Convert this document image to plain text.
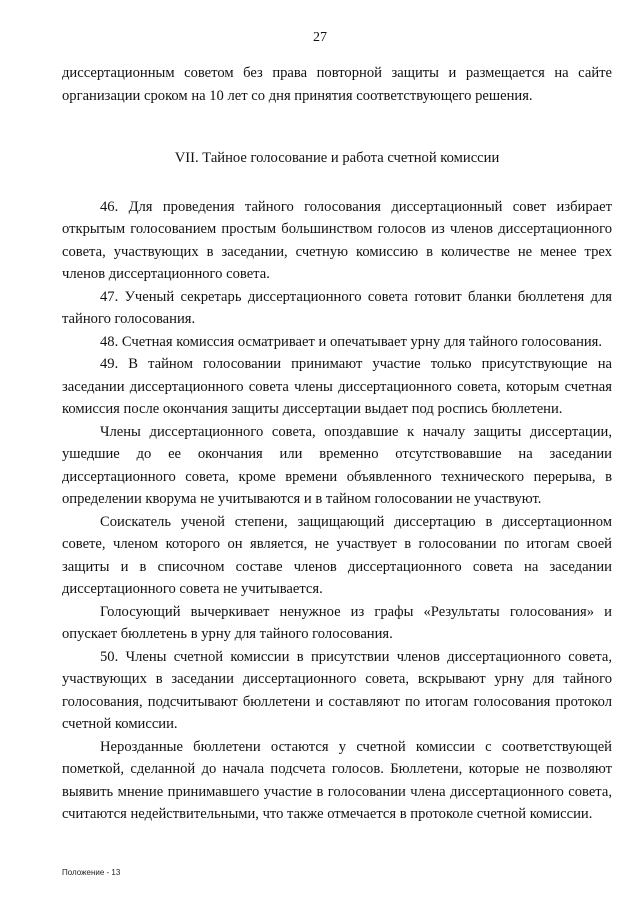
27

диссертационным советом без права повторной защиты и размещается на сайте организации сроком на 10 лет со дня принятия соответствующего решения.

VII. Тайное голосование и работа счетной комиссии

46. Для проведения тайного голосования диссертационный совет избирает открытым голосованием простым большинством голосов из членов диссертационного совета, участвующих в заседании, счетную комиссию в количестве не менее трех членов диссертационного совета.

47. Ученый секретарь диссертационного совета готовит бланки бюллетеня для тайного голосования.

48. Счетная комиссия осматривает и опечатывает урну для тайного голосования.

49. В тайном голосовании принимают участие только присутствующие на заседании диссертационного совета члены диссертационного совета, которым счетная комиссия после окончания защиты диссертации выдает под роспись бюллетени.

Члены диссертационного совета, опоздавшие к началу защиты диссертации, ушедшие до ее окончания или временно отсутствовавшие на заседании диссертационного совета, кроме времени объявленного технического перерыва, в определении кворума не учитываются и в тайном голосовании не участвуют.

Соискатель ученой степени, защищающий диссертацию в диссертационном совете, членом которого он является, не участвует в голосовании по итогам своей защиты и в списочном составе членов диссертационного совета на заседании диссертационного совета не учитывается.

Голосующий вычеркивает ненужное из графы «Результаты голосования» и опускает бюллетень в урну для тайного голосования.

50. Члены счетной комиссии в присутствии членов диссертационного совета, участвующих в заседании диссертационного совета, вскрывают урну для тайного голосования, подсчитывают бюллетени и составляют по итогам голосования протокол счетной комиссии.

Нерозданные бюллетени остаются у счетной комиссии с соответствующей пометкой, сделанной до начала подсчета голосов. Бюллетени, которые не позволяют выявить мнение принимавшего участие в голосовании члена диссертационного совета, считаются недействительными, что также отмечается в протоколе счетной комиссии.

Положение - 13
